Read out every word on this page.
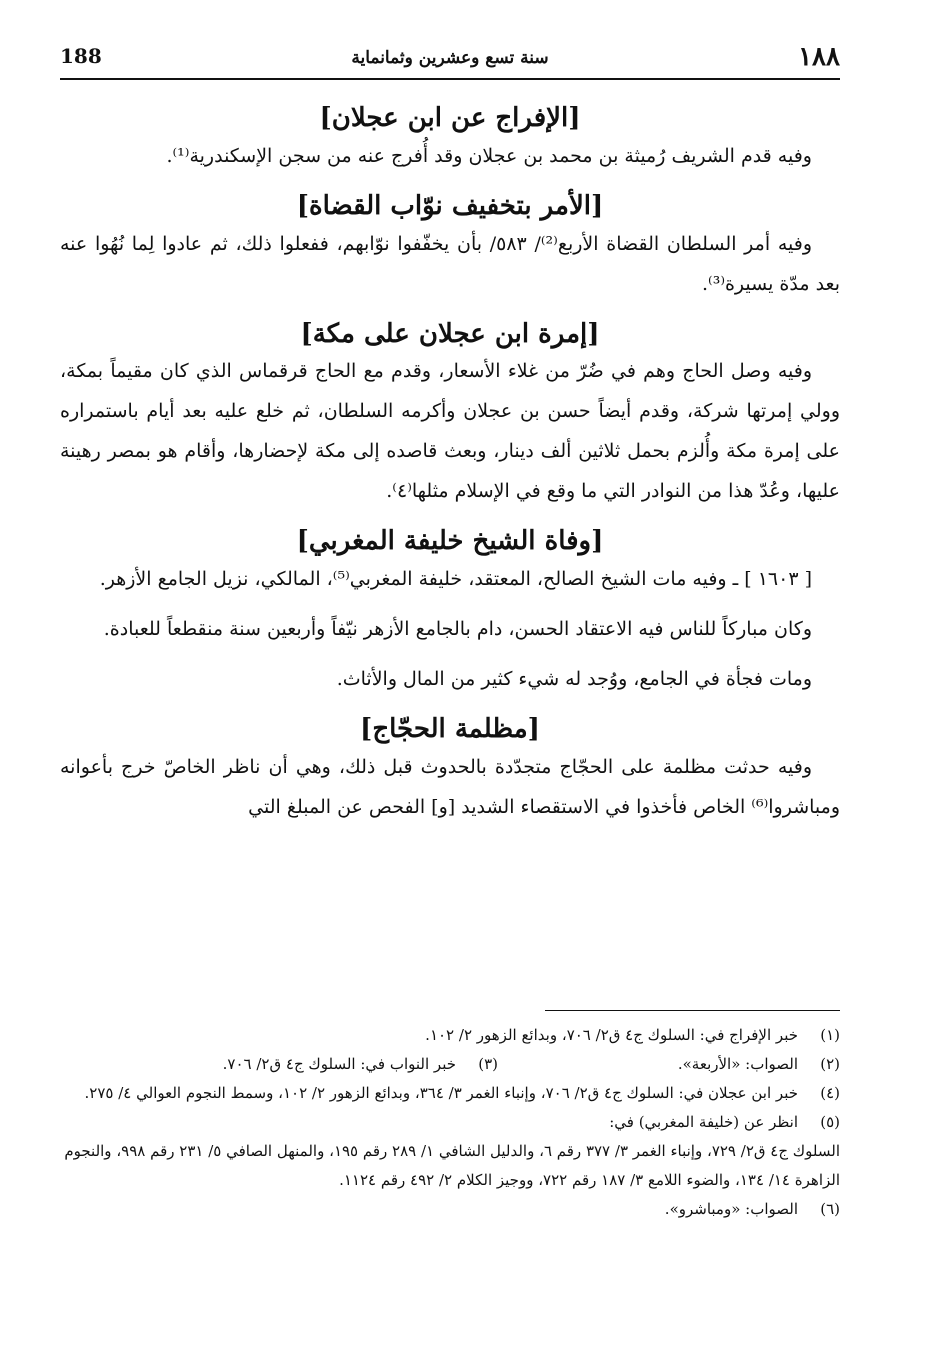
١٨٨
سنة تسع وعشرين وثمانماية
188
[الإفراج عن ابن عجلان]

وفيه قدم الشريف رُميثة بن محمد بن عجلان وقد أُفرج عنه من سجن الإسكندرية⁽¹⁾.

[الأمر بتخفيف نوّاب القضاة]

وفيه أمر السلطان القضاة الأربع⁽²⁾/ ٥٨٣/ بأن يخفّفوا نوّابهم، ففعلوا ذلك، ثم عادوا لِما نُهُوا عنه بعد مدّة يسيرة⁽³⁾.

[إمرة ابن عجلان على مكة]

وفيه وصل الحاج وهم في ضُرّ من غلاء الأسعار، وقدم مع الحاج قرقماس الذي كان مقيماً بمكة، وولي إمرتها شركة، وقدم أيضاً حسن بن عجلان وأكرمه السلطان، ثم خلع عليه بعد أيام باستمراره على إمرة مكة وأُلزم بحمل ثلاثين ألف دينار، وبعث قاصده إلى مكة لإحضارها، وأقام هو بمصر رهينة عليها، وعُدّ هذا من النوادر التي ما وقع في الإسلام مثلها⁽٤⁾.

[وفاة الشيخ خليفة المغربي]

[ ١٦٠٣ ] ـ وفيه مات الشيخ الصالح، المعتقد، خليفة المغربي⁽⁵⁾، المالكي، نزيل الجامع الأزهر.

وكان مباركاً للناس فيه الاعتقاد الحسن، دام بالجامع الأزهر نيّفاً وأربعين سنة منقطعاً للعبادة.

ومات فجأة في الجامع، ووُجد له شيء كثير من المال والأثاث.

[مظلمة الحجّاج]

وفيه حدثت مظلمة على الحجّاج متجدّدة بالحدوث قبل ذلك، وهي أن ناظر الخاصّ خرج بأعوانه ومباشروا⁽⁶⁾ الخاص فأخذوا في الاستقصاء الشديد [و] الفحص عن المبلغ التي

(١)
خبر الإفراج في: السلوك ج٤ ق٢/ ٧٠٦، وبدائع الزهور ٢/ ١٠٢.
(٢)
الصواب: «الأربعة».
(٣)
خبر النواب في: السلوك ج٤ ق٢/ ٧٠٦.
(٤)
خبر ابن عجلان في: السلوك ج٤ ق٢/ ٧٠٦، وإنباء الغمر ٣/ ٣٦٤، وبدائع الزهور ٢/ ١٠٢، وسمط النجوم العوالي ٤/ ٢٧٥.
(٥)
انظر عن (خليفة المغربي) في:
السلوك ج٤ ق٢/ ٧٢٩، وإنباء الغمر ٣/ ٣٧٧ رقم ٦، والدليل الشافي ١/ ٢٨٩ رقم ١٩٥، والمنهل الصافي ٥/ ٢٣١ رقم ٩٩٨، والنجوم الزاهرة ١٤/ ١٣٤، والضوء اللامع ٣/ ١٨٧ رقم ٧٢٢، ووجيز الكلام ٢/ ٤٩٢ رقم ١١٢٤.
(٦)
الصواب: «ومباشرو».
